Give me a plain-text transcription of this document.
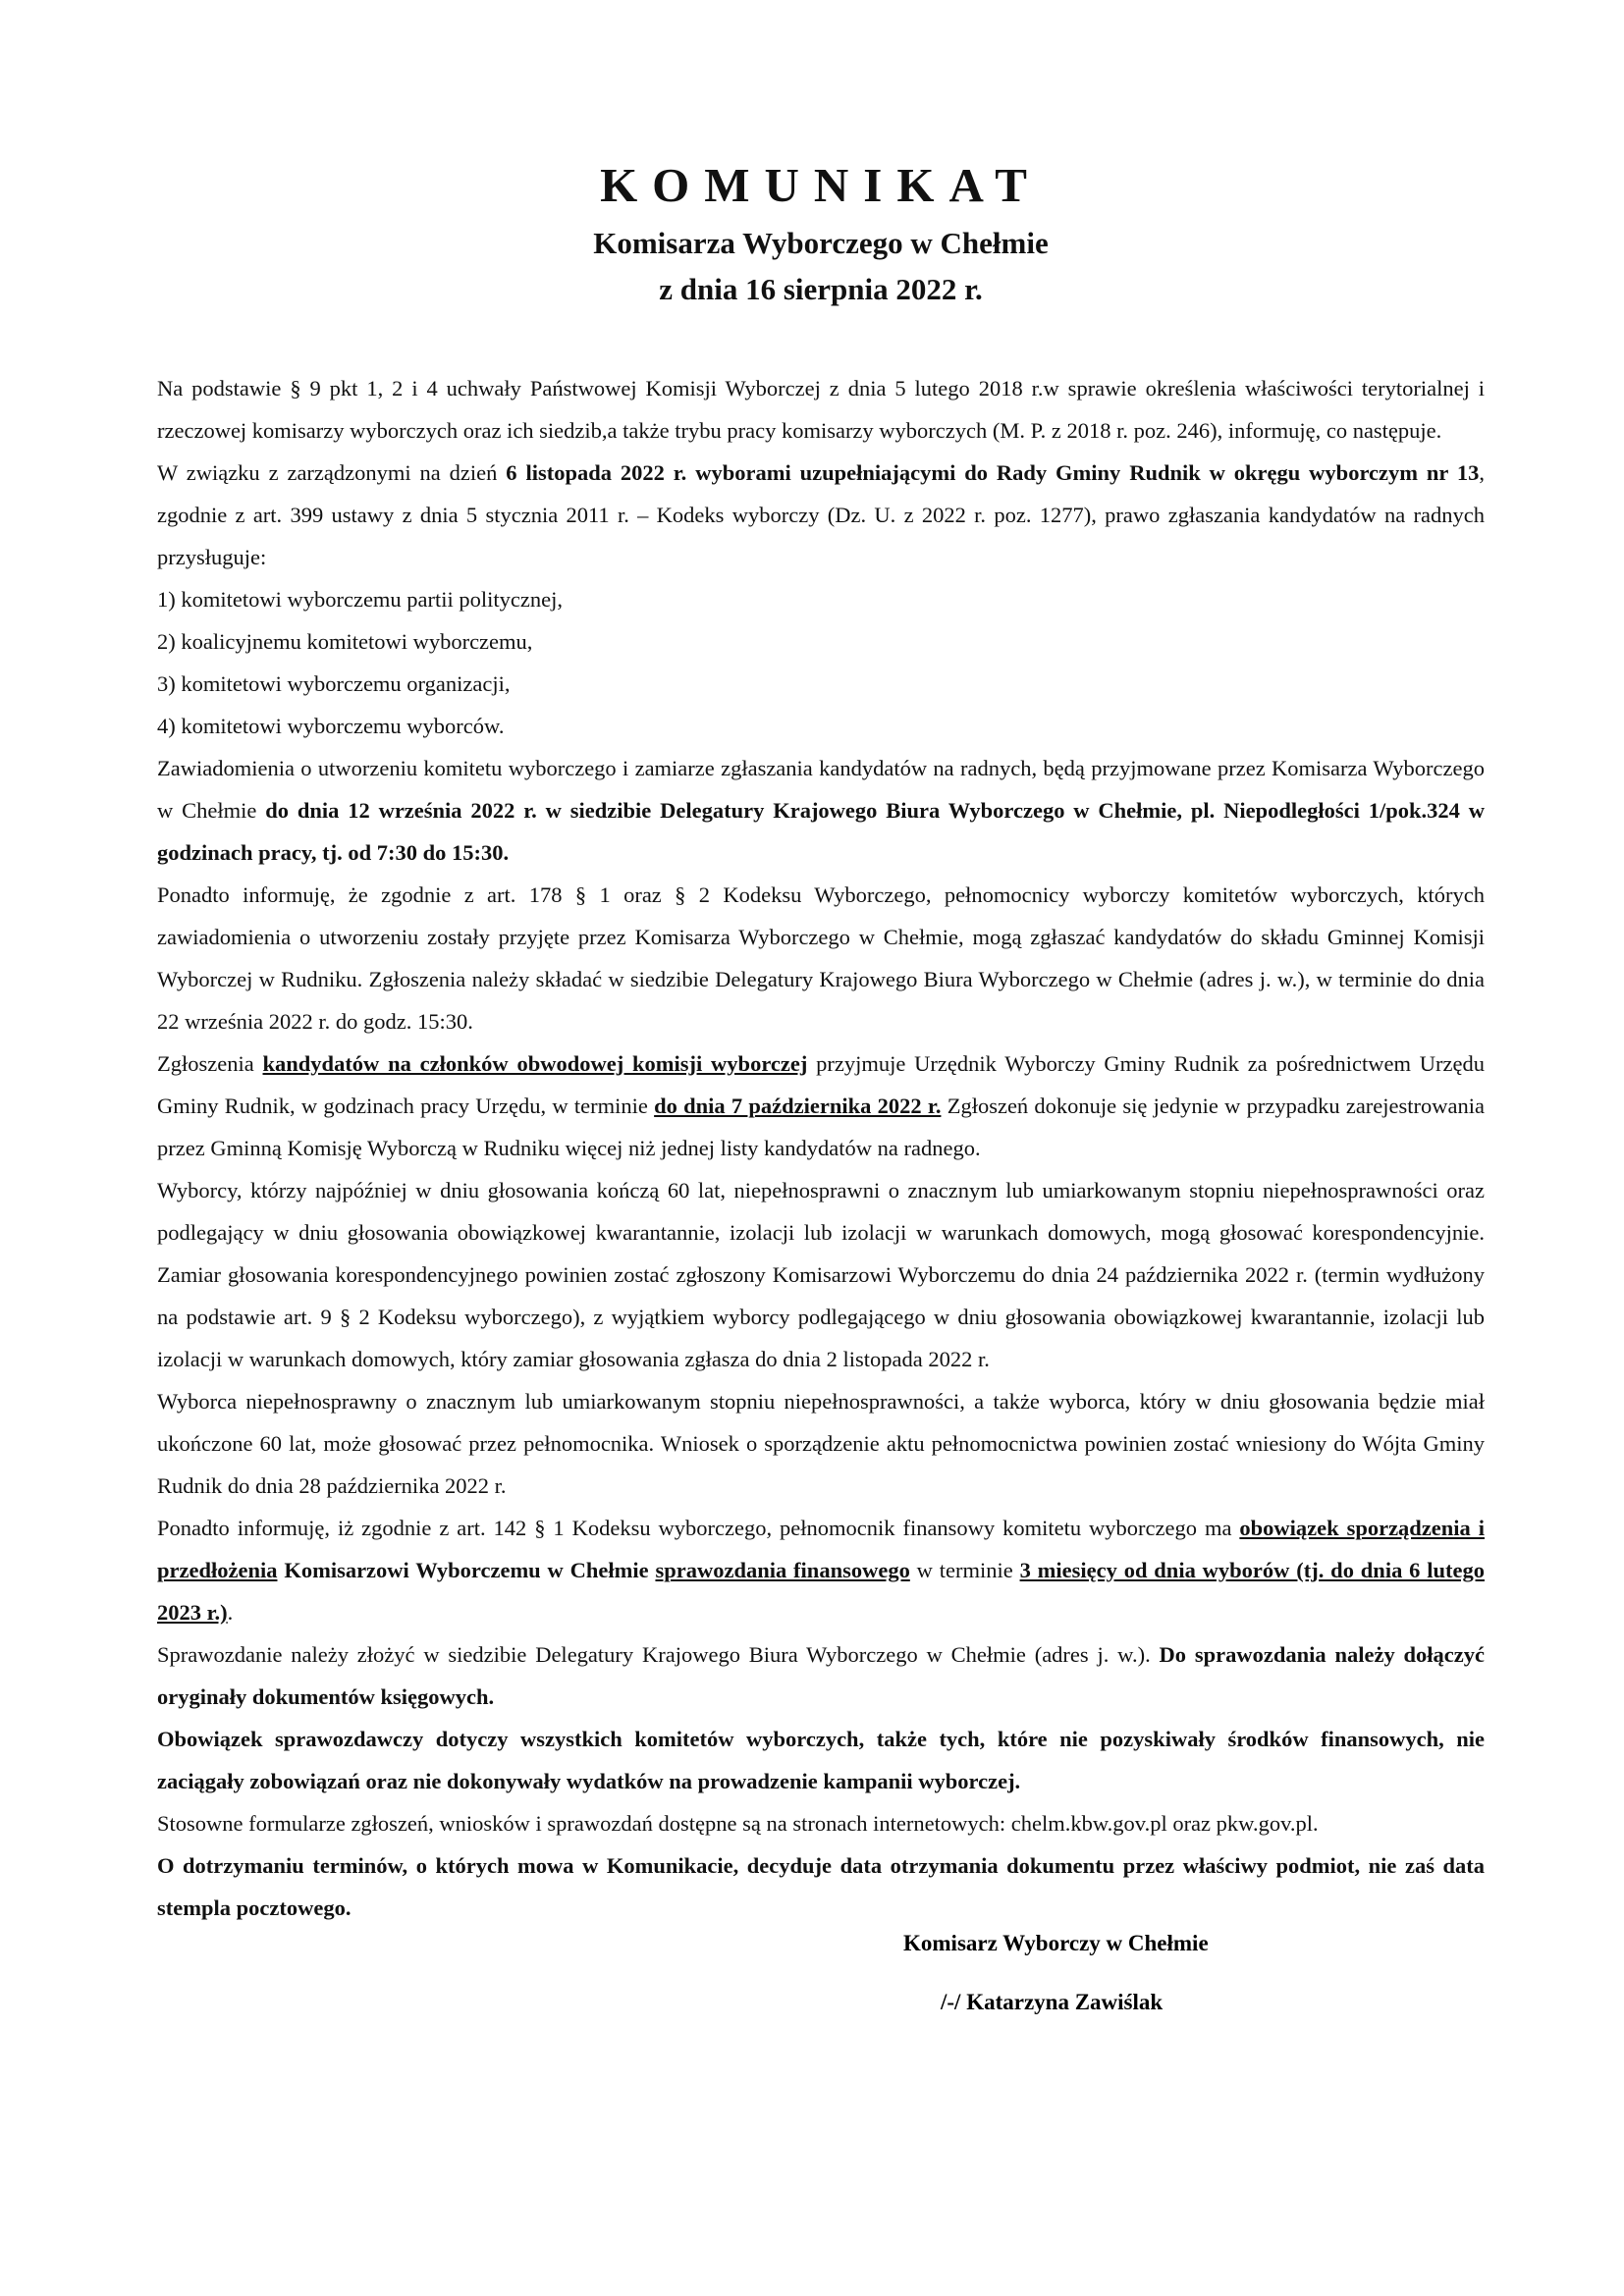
KOMUNIKAT

Komisarza Wyborczego w Chełmie

z dnia 16 sierpnia 2022 r.

Na podstawie § 9 pkt 1, 2 i 4 uchwały Państwowej Komisji Wyborczej z dnia 5 lutego 2018 r.w sprawie określenia właściwości terytorialnej i rzeczowej komisarzy wyborczych oraz ich siedzib,a także trybu pracy komisarzy wyborczych (M. P. z 2018 r. poz. 246), informuję, co następuje.

W związku z zarządzonymi na dzień 6 listopada 2022 r. wyborami uzupełniającymi do Rady Gminy Rudnik w okręgu wyborczym nr 13, zgodnie z art. 399 ustawy z dnia 5 stycznia 2011 r. – Kodeks wyborczy (Dz. U. z 2022 r. poz. 1277), prawo zgłaszania kandydatów na radnych przysługuje:

1) komitetowi wyborczemu partii politycznej,

2) koalicyjnemu komitetowi wyborczemu,

3) komitetowi wyborczemu organizacji,

4) komitetowi wyborczemu wyborców.

Zawiadomienia o utworzeniu komitetu wyborczego i zamiarze zgłaszania kandydatów na radnych, będą przyjmowane przez Komisarza Wyborczego w Chełmie do dnia 12 września 2022 r. w siedzibie Delegatury Krajowego Biura Wyborczego w Chełmie, pl. Niepodległości 1/pok.324 w godzinach pracy, tj. od 7:30 do 15:30.

Ponadto informuję, że zgodnie z art. 178 § 1 oraz § 2 Kodeksu Wyborczego, pełnomocnicy wyborczy komitetów wyborczych, których zawiadomienia o utworzeniu zostały przyjęte przez Komisarza Wyborczego w Chełmie, mogą zgłaszać kandydatów do składu Gminnej Komisji Wyborczej w Rudniku. Zgłoszenia należy składać w siedzibie Delegatury Krajowego Biura Wyborczego w Chełmie (adres j. w.), w terminie do dnia 22 września 2022 r. do godz. 15:30.

Zgłoszenia kandydatów na członków obwodowej komisji wyborczej przyjmuje Urzędnik Wyborczy Gminy Rudnik za pośrednictwem Urzędu Gminy Rudnik, w godzinach pracy Urzędu, w terminie do dnia 7 października 2022 r. Zgłoszeń dokonuje się jedynie w przypadku zarejestrowania przez Gminną Komisję Wyborczą w Rudniku więcej niż jednej listy kandydatów na radnego.

Wyborcy, którzy najpóźniej w dniu głosowania kończą 60 lat, niepełnosprawni o znacznym lub umiarkowanym stopniu niepełnosprawności oraz podlegający w dniu głosowania obowiązkowej kwarantannie, izolacji lub izolacji w warunkach domowych, mogą głosować korespondencyjnie. Zamiar głosowania korespondencyjnego powinien zostać zgłoszony Komisarzowi Wyborczemu do dnia 24 października 2022 r. (termin wydłużony na podstawie art. 9 § 2 Kodeksu wyborczego), z wyjątkiem wyborcy podlegającego w dniu głosowania obowiązkowej kwarantannie, izolacji lub izolacji w warunkach domowych, który zamiar głosowania zgłasza do dnia 2 listopada 2022 r.

Wyborca niepełnosprawny o znacznym lub umiarkowanym stopniu niepełnosprawności, a także wyborca, który w dniu głosowania będzie miał ukończone 60 lat, może głosować przez pełnomocnika. Wniosek o sporządzenie aktu pełnomocnictwa powinien zostać wniesiony do Wójta Gminy Rudnik do dnia 28 października 2022 r.

Ponadto informuję, iż zgodnie z art. 142 § 1 Kodeksu wyborczego, pełnomocnik finansowy komitetu wyborczego ma obowiązek sporządzenia i przedłożenia Komisarzowi Wyborczemu w Chełmie sprawozdania finansowego w terminie 3 miesięcy od dnia wyborów (tj. do dnia 6 lutego 2023 r.).

Sprawozdanie należy złożyć w siedzibie Delegatury Krajowego Biura Wyborczego w Chełmie (adres j. w.). Do sprawozdania należy dołączyć oryginały dokumentów księgowych.

Obowiązek sprawozdawczy dotyczy wszystkich komitetów wyborczych, także tych, które nie pozyskiwały środków finansowych, nie zaciągały zobowiązań oraz nie dokonywały wydatków na prowadzenie kampanii wyborczej.

Stosowne formularze zgłoszeń, wniosków i sprawozdań dostępne są na stronach internetowych: chelm.kbw.gov.pl oraz pkw.gov.pl.

O dotrzymaniu terminów, o których mowa w Komunikacie, decyduje data otrzymania dokumentu przez właściwy podmiot, nie zaś data stempla pocztowego.

Komisarz Wyborczy w Chełmie
/-/ Katarzyna Zawiślak
